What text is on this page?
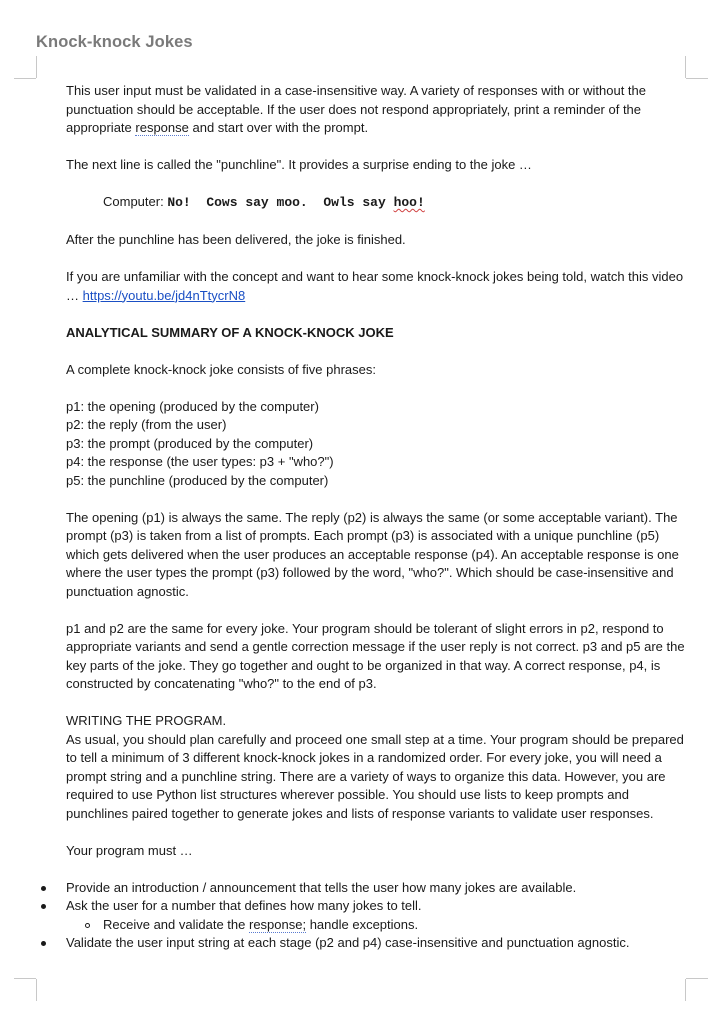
Knock-knock Jokes

This user input must be validated in a case-insensitive way. A variety of responses with or without the punctuation should be acceptable. If the user does not respond appropriately, print a reminder of the appropriate response and start over with the prompt.

The next line is called the "punchline". It provides a surprise ending to the joke …

Computer: No!  Cows say moo.  Owls say hoo!

After the punchline has been delivered, the joke is finished.

If you are unfamiliar with the concept and want to hear some knock-knock jokes being told, watch this video … https://youtu.be/jd4nTtycrN8

ANALYTICAL SUMMARY OF A KNOCK-KNOCK JOKE

A complete knock-knock joke consists of five phrases:

p1: the opening (produced by the computer)

p2: the reply (from the user)

p3: the prompt (produced by the computer)

p4: the response (the user types: p3 + "who?")

p5: the punchline (produced by the computer)

The opening (p1) is always the same. The reply (p2) is always the same (or some acceptable variant). The prompt (p3) is taken from a list of prompts. Each prompt (p3) is associated with a unique punchline (p5) which gets delivered when the user produces an acceptable response (p4). An acceptable response is one where the user types the prompt (p3) followed by the word, "who?". Which should be case-insensitive and punctuation agnostic.

p1 and p2 are the same for every joke. Your program should be tolerant of slight errors in p2, respond to appropriate variants and send a gentle correction message if the user reply is not correct. p3 and p5 are the key parts of the joke. They go together and ought to be organized in that way. A correct response, p4, is constructed by concatenating "who?" to the end of p3.

WRITING THE PROGRAM.

As usual, you should plan carefully and proceed one small step at a time. Your program should be prepared to tell a minimum of 3 different knock-knock jokes in a randomized order. For every joke, you will need a prompt string and a punchline string. There are a variety of ways to organize this data. However, you are required to use Python list structures wherever possible. You should use lists to keep prompts and punchlines paired together to generate jokes and lists of response variants to validate user responses.

Your program must …

Provide an introduction / announcement that tells the user how many jokes are available.
Ask the user for a number that defines how many jokes to tell.
Receive and validate the response; handle exceptions.
Validate the user input string at each stage (p2 and p4) case-insensitive and punctuation agnostic.
